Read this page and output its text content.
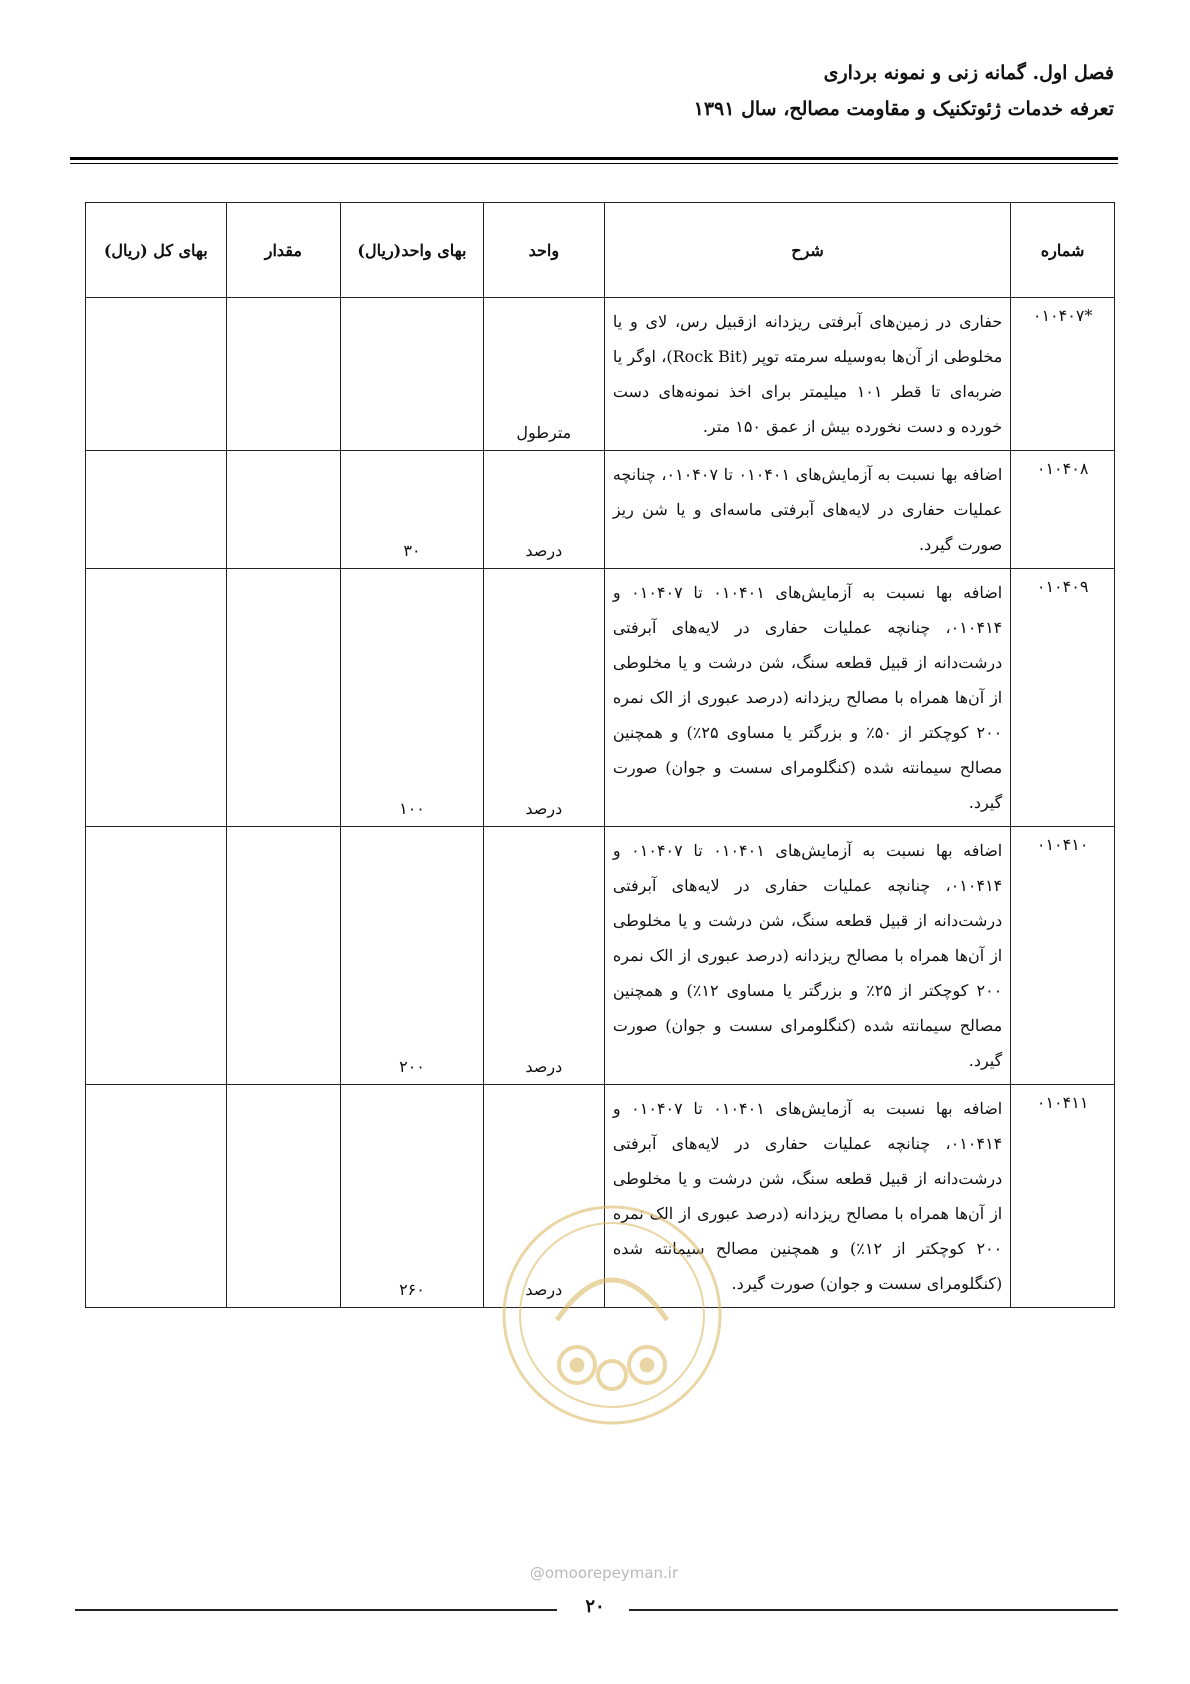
فصل اول. گمانه زنی و نمونه برداری
تعرفه خدمات ژئوتکنیک و مقاومت مصالح، سال ۱۳۹۱
شماره	شرح	واحد	بهای واحد(ریال)	مقدار	بهای کل (ریال)
*۰۱۰۴۰۷	حفاری در زمین‌های آبرفتی ریزدانه ازقبیل رس، لای و یا مخلوطی از آن‌ها به‌وسیله سرمته توپر (Rock Bit)، اوگر یا ضربه‌ای تا قطر ۱۰۱ میلیمتر برای اخذ نمونه‌های دست خورده و دست نخورده بیش از عمق ۱۵۰ متر.	مترطول			
۰۱۰۴۰۸	اضافه بها نسبت به آزمایش‌های ۰۱۰۴۰۱ تا ۰۱۰۴۰۷، چنانچه عملیات حفاری در لایه‌های آبرفتی ماسه‌ای و یا شن ریز صورت گیرد.	درصد	۳۰		
۰۱۰۴۰۹	اضافه بها نسبت به آزمایش‌های ۰۱۰۴۰۱ تا ۰۱۰۴۰۷ و ۰۱۰۴۱۴، چنانچه عملیات حفاری در لایه‌های آبرفتی درشت‌دانه از قبیل قطعه سنگ، شن درشت و یا مخلوطی از آن‌ها همراه با مصالح ریزدانه (درصد عبوری از الک نمره ۲۰۰ کوچکتر از ۵۰٪ و بزرگتر یا مساوی ۲۵٪) و همچنین مصالح سیمانته شده (کنگلومرای سست و جوان) صورت گیرد.	درصد	۱۰۰		
۰۱۰۴۱۰	اضافه بها نسبت به آزمایش‌های ۰۱۰۴۰۱ تا ۰۱۰۴۰۷ و ۰۱۰۴۱۴، چنانچه عملیات حفاری در لایه‌های آبرفتی درشت‌دانه از قبیل قطعه سنگ، شن درشت و یا مخلوطی از آن‌ها همراه با مصالح ریزدانه (درصد عبوری از الک نمره ۲۰۰ کوچکتر از ۲۵٪ و بزرگتر یا مساوی ۱۲٪) و همچنین مصالح سیمانته شده (کنگلومرای سست و جوان) صورت گیرد.	درصد	۲۰۰		
۰۱۰۴۱۱	اضافه بها نسبت به آزمایش‌های ۰۱۰۴۰۱ تا ۰۱۰۴۰۷ و ۰۱۰۴۱۴، چنانچه عملیات حفاری در لایه‌های آبرفتی درشت‌دانه از قبیل قطعه سنگ، شن درشت و یا مخلوطی از آن‌ها همراه با مصالح ریزدانه (درصد عبوری از الک نمره ۲۰۰ کوچکتر از ۱۲٪) و همچنین مصالح سیمانته شده (کنگلومرای سست و جوان) صورت گیرد.	درصد	۲۶۰		
@omoorepeyman.ir
۲۰
